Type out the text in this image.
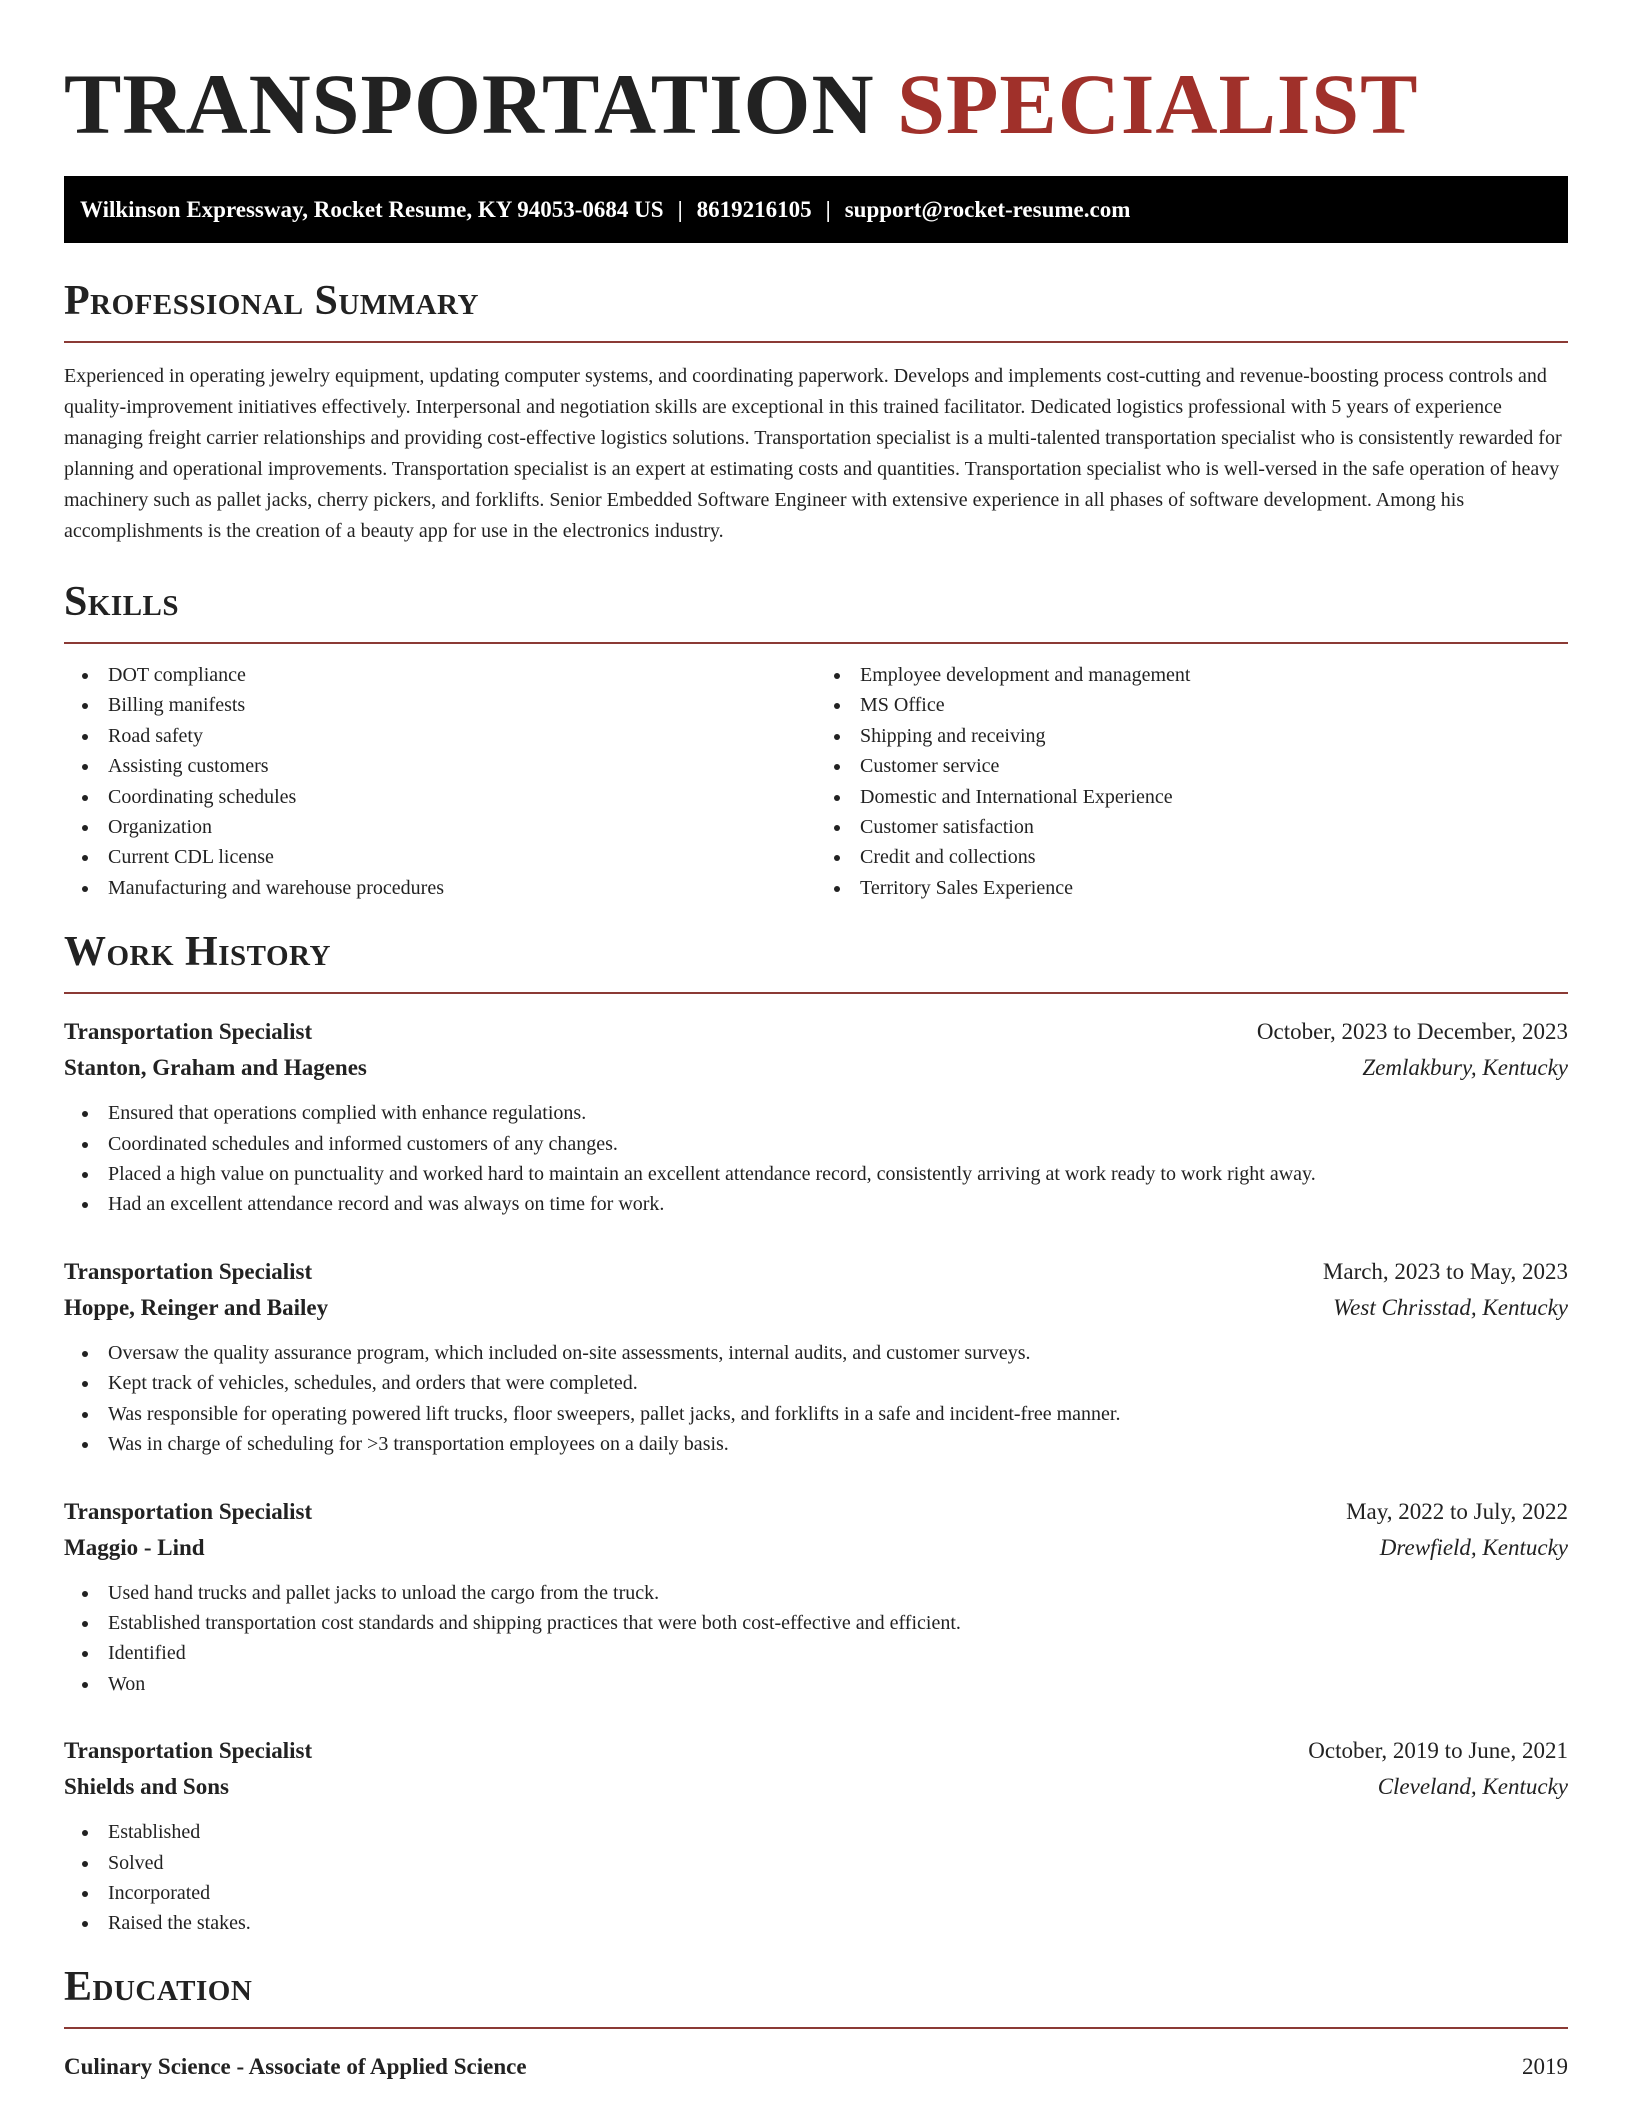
TRANSPORTATION SPECIALIST
Wilkinson Expressway, Rocket Resume, KY 94053-0684 US | 8619216105 | support@rocket-resume.com
Professional Summary

Experienced in operating jewelry equipment, updating computer systems, and coordinating paperwork. Develops and implements cost-cutting and revenue-boosting process controls and quality-improvement initiatives effectively. Interpersonal and negotiation skills are exceptional in this trained facilitator. Dedicated logistics professional with 5 years of experience managing freight carrier relationships and providing cost-effective logistics solutions. Transportation specialist is a multi-talented transportation specialist who is consistently rewarded for planning and operational improvements. Transportation specialist is an expert at estimating costs and quantities. Transportation specialist who is well-versed in the safe operation of heavy machinery such as pallet jacks, cherry pickers, and forklifts. Senior Embedded Software Engineer with extensive experience in all phases of software development. Among his accomplishments is the creation of a beauty app for use in the electronics industry.

Skills
DOT compliance
Billing manifests
Road safety
Assisting customers
Coordinating schedules
Organization
Current CDL license
Manufacturing and warehouse procedures
Employee development and management
MS Office
Shipping and receiving
Customer service
Domestic and International Experience
Customer satisfaction
Credit and collections
Territory Sales Experience
Work History
Transportation Specialist	October, 2023 to December, 2023
Stanton, Graham and Hagenes	Zemlakbury, Kentucky
Ensured that operations complied with enhance regulations.
Coordinated schedules and informed customers of any changes.
Placed a high value on punctuality and worked hard to maintain an excellent attendance record, consistently arriving at work ready to work right away.
Had an excellent attendance record and was always on time for work.
Transportation Specialist	March, 2023 to May, 2023
Hoppe, Reinger and Bailey	West Chrisstad, Kentucky
Oversaw the quality assurance program, which included on-site assessments, internal audits, and customer surveys.
Kept track of vehicles, schedules, and orders that were completed.
Was responsible for operating powered lift trucks, floor sweepers, pallet jacks, and forklifts in a safe and incident-free manner.
Was in charge of scheduling for >3 transportation employees on a daily basis.
Transportation Specialist	May, 2022 to July, 2022
Maggio - Lind	Drewfield, Kentucky
Used hand trucks and pallet jacks to unload the cargo from the truck.
Established transportation cost standards and shipping practices that were both cost-effective and efficient.
Identified
Won
Transportation Specialist	October, 2019 to June, 2021
Shields and Sons	Cleveland, Kentucky
Established
Solved
Incorporated
Raised the stakes.
Education
Culinary Science - Associate of Applied Science	2019
